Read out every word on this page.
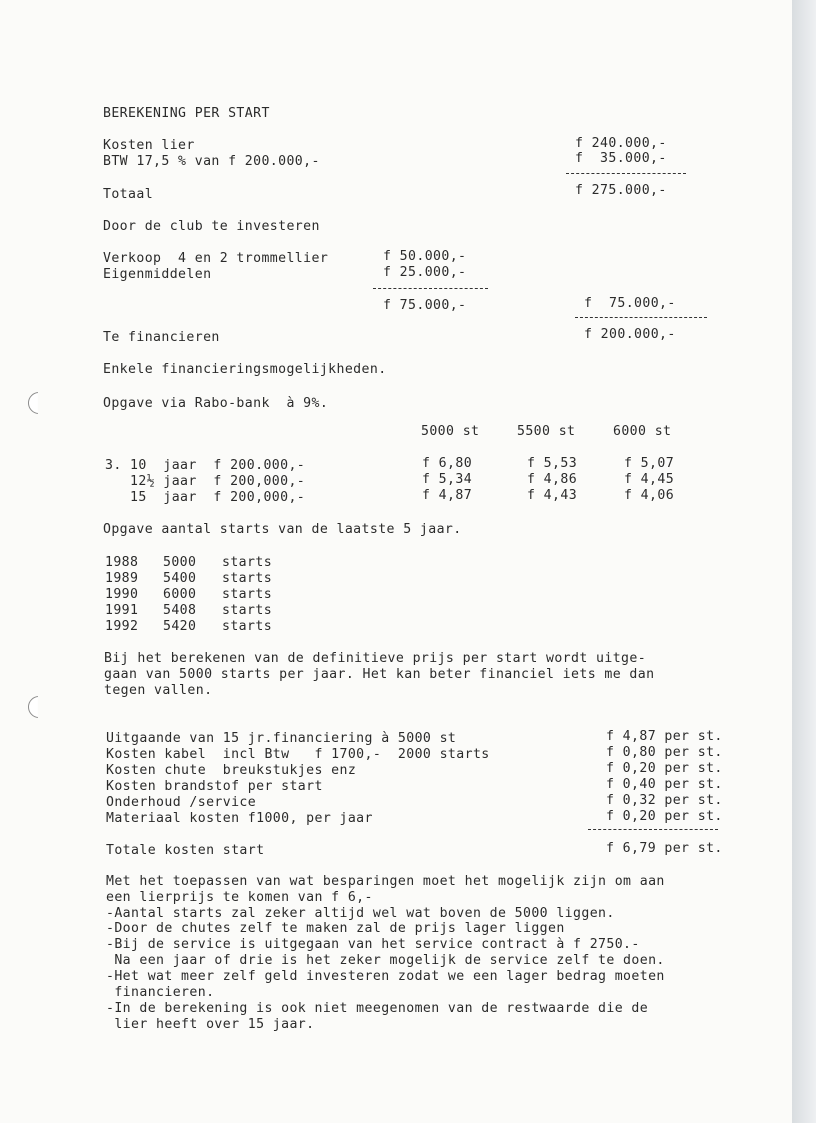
BEREKENING PER START
Kosten lier	f 240.000,-
BTW 17,5 % van f 200.000,-	f  35.000,-
Totaal	f 275.000,-
Door de club te investeren
Verkoop  4 en 2 trommellier	f 50.000,-
Eigenmiddelen	f 25.000,-
f 75.000,-	f  75.000,-
Te financieren	f 200.000,-
Enkele financieringsmogelijkheden.
Opgave via Rabo-bank  à 9%.
5000 st	5500 st	6000 st
3. 10  jaar  f 200.000,-	f 6,80	f 5,53	f 5,07
12½ jaar  f 200,000,-	f 5,34	f 4,86	f 4,45
15  jaar  f 200,000,-	f 4,87	f 4,43	f 4,06
Opgave aantal starts van de laatste 5 jaar.
1988 5000 starts
1989 5400 starts
1990 6000 starts
1991 5408 starts
1992 5420 starts
Bij het berekenen van de definitieve prijs per start wordt uitge-
gaan van 5000 starts per jaar. Het kan beter financiel iets me dan
tegen vallen.
Uitgaande van 15 jr.financiering à 5000 st	f 4,87 per st.
Kosten kabel  incl Btw   f 1700,-  2000 starts	f 0,80 per st.
Kosten chute  breukstukjes enz	f 0,20 per st.
Kosten brandstof per start	f 0,40 per st.
Onderhoud /service	f 0,32 per st.
Materiaal kosten f1000, per jaar	f 0,20 per st.
Totale kosten start	f 6,79 per st.
Met het toepassen van wat besparingen moet het mogelijk zijn om aan
een lierprijs te komen van f 6,-
-Aantal starts zal zeker altijd wel wat boven de 5000 liggen.
-Door de chutes zelf te maken zal de prijs lager liggen
-Bij de service is uitgegaan van het service contract à f 2750.-
Na een jaar of drie is het zeker mogelijk de service zelf te doen.
-Het wat meer zelf geld investeren zodat we een lager bedrag moeten
financieren.
-In de berekening is ook niet meegenomen van de restwaarde die de
lier heeft over 15 jaar.
